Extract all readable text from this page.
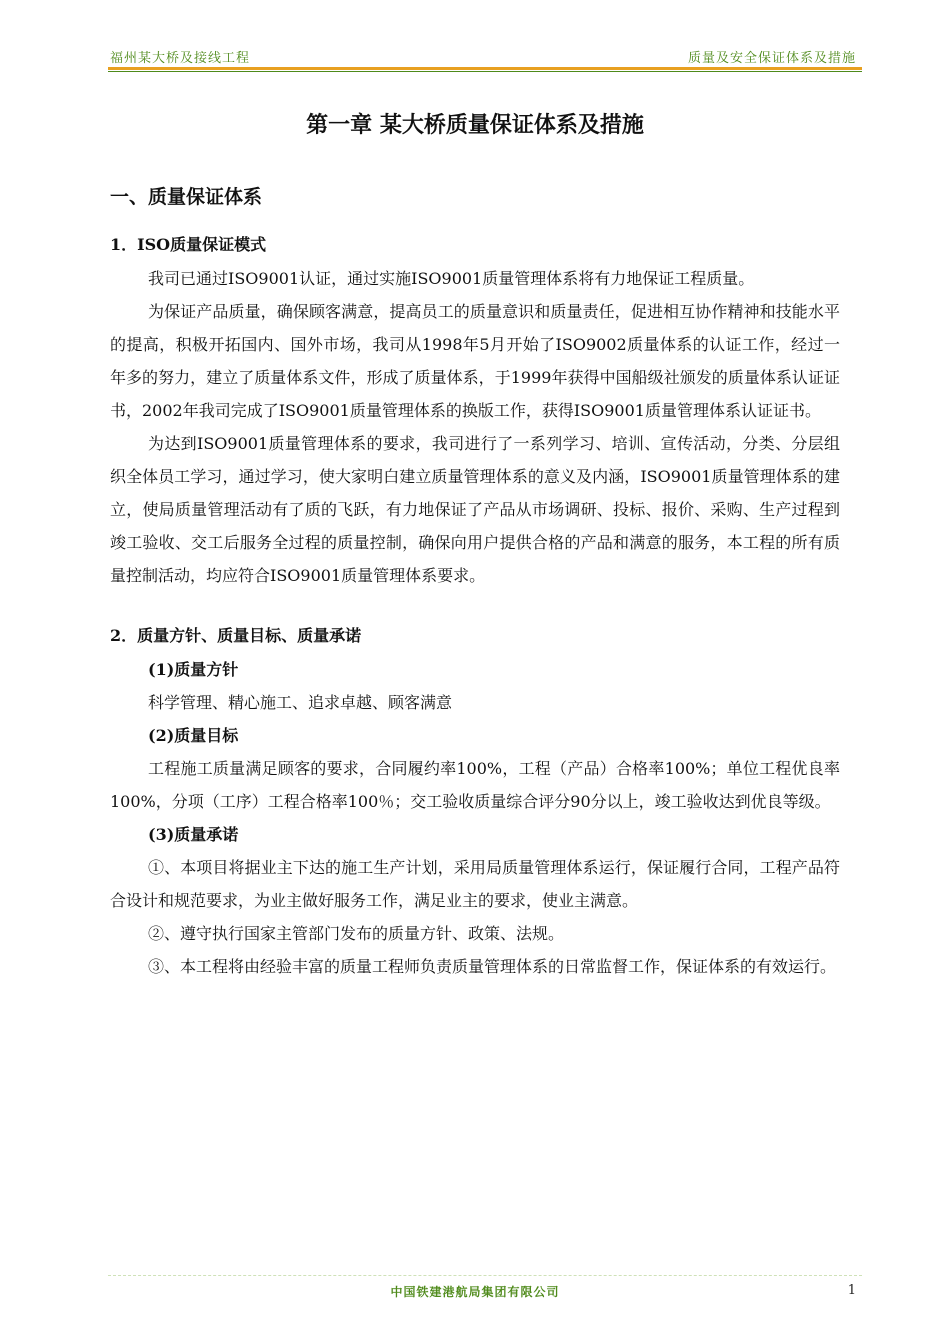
福州某大桥及接线工程	质量及安全保证体系及措施
第一章 某大桥质量保证体系及措施
一、质量保证体系
1．ISO质量保证模式

我司已通过ISO9001认证，通过实施ISO9001质量管理体系将有力地保证工程质量。

为保证产品质量，确保顾客满意，提高员工的质量意识和质量责任，促进相互协作精神和技能水平的提高，积极开拓国内、国外市场，我司从1998年5月开始了ISO9002质量体系的认证工作，经过一年多的努力，建立了质量体系文件，形成了质量体系，于1999年获得中国船级社颁发的质量体系认证证书，2002年我司完成了ISO9001质量管理体系的换版工作，获得ISO9001质量管理体系认证证书。

为达到ISO9001质量管理体系的要求，我司进行了一系列学习、培训、宣传活动，分类、分层组织全体员工学习，通过学习，使大家明白建立质量管理体系的意义及内涵，ISO9001质量管理体系的建立，使局质量管理活动有了质的飞跃，有力地保证了产品从市场调研、投标、报价、采购、生产过程到竣工验收、交工后服务全过程的质量控制，确保向用户提供合格的产品和满意的服务，本工程的所有质量控制活动，均应符合ISO9001质量管理体系要求。

2．质量方针、质量目标、质量承诺

(1)质量方针

科学管理、精心施工、追求卓越、顾客满意

(2)质量目标

工程施工质量满足顾客的要求，合同履约率100%，工程（产品）合格率100%；单位工程优良率100%，分项（工序）工程合格率100％；交工验收质量综合评分90分以上，竣工验收达到优良等级。

(3)质量承诺

①、本项目将据业主下达的施工生产计划，采用局质量管理体系运行，保证履行合同，工程产品符合设计和规范要求，为业主做好服务工作，满足业主的要求，使业主满意。

②、遵守执行国家主管部门发布的质量方针、政策、法规。

③、本工程将由经验丰富的质量工程师负责质量管理体系的日常监督工作，保证体系的有效运行。

中国铁建港航局集团有限公司	1
